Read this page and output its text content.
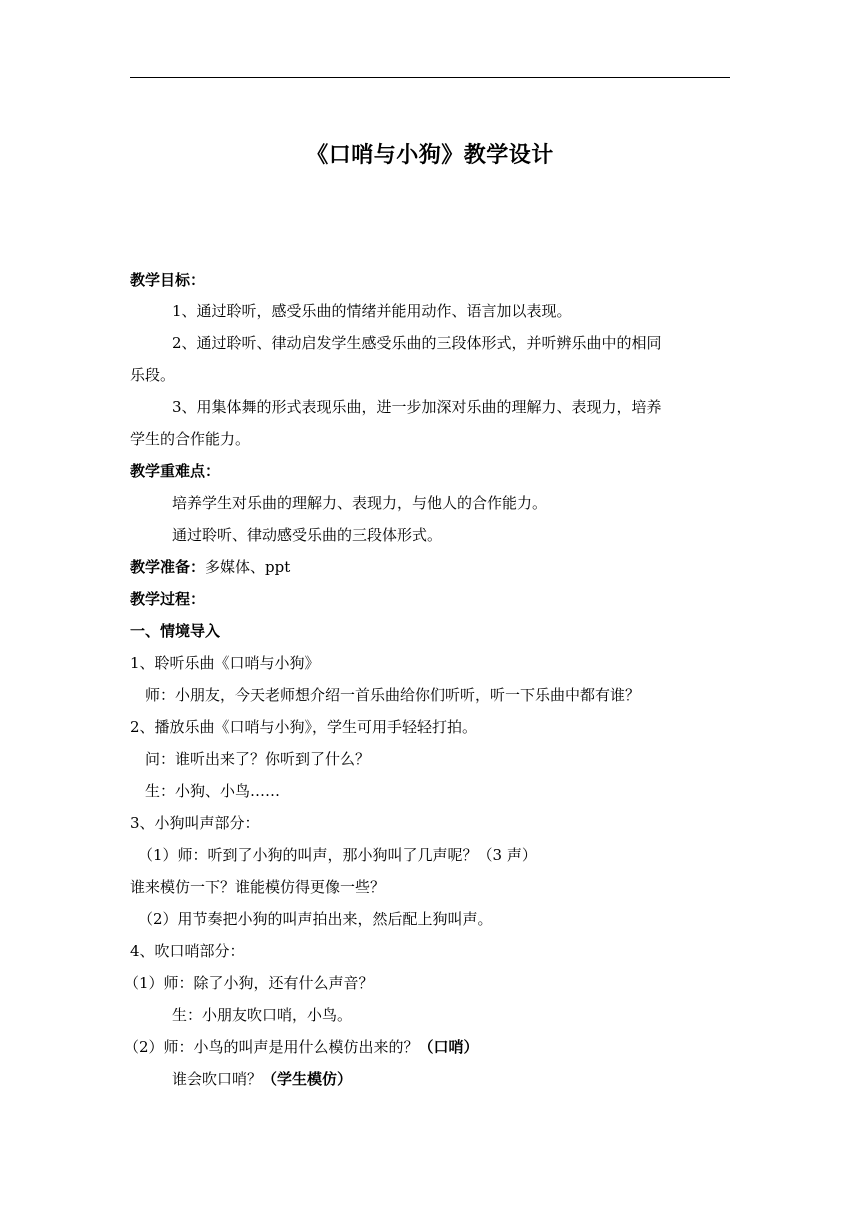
《口哨与小狗》教学设计
教学目标：
1、通过聆听，感受乐曲的情绪并能用动作、语言加以表现。
2、通过聆听、律动启发学生感受乐曲的三段体形式，并听辨乐曲中的相同
乐段。
3、用集体舞的形式表现乐曲，进一步加深对乐曲的理解力、表现力，培养
学生的合作能力。
教学重难点：
培养学生对乐曲的理解力、表现力，与他人的合作能力。
通过聆听、律动感受乐曲的三段体形式。
教学准备：多媒体、ppt
教学过程：
一、情境导入
1、聆听乐曲《口哨与小狗》
师：小朋友，今天老师想介绍一首乐曲给你们听听，听一下乐曲中都有谁？
2、播放乐曲《口哨与小狗》，学生可用手轻轻打拍。
问：谁听出来了？你听到了什么？
生：小狗、小鸟……
3、小狗叫声部分：
（1）师：听到了小狗的叫声，那小狗叫了几声呢？（3 声）
谁来模仿一下？谁能模仿得更像一些？
（2）用节奏把小狗的叫声拍出来，然后配上狗叫声。
4、吹口哨部分：
（1）师：除了小狗，还有什么声音？
生：小朋友吹口哨，小鸟。
（2）师：小鸟的叫声是用什么模仿出来的？（口哨）
谁会吹口哨？（学生模仿）
